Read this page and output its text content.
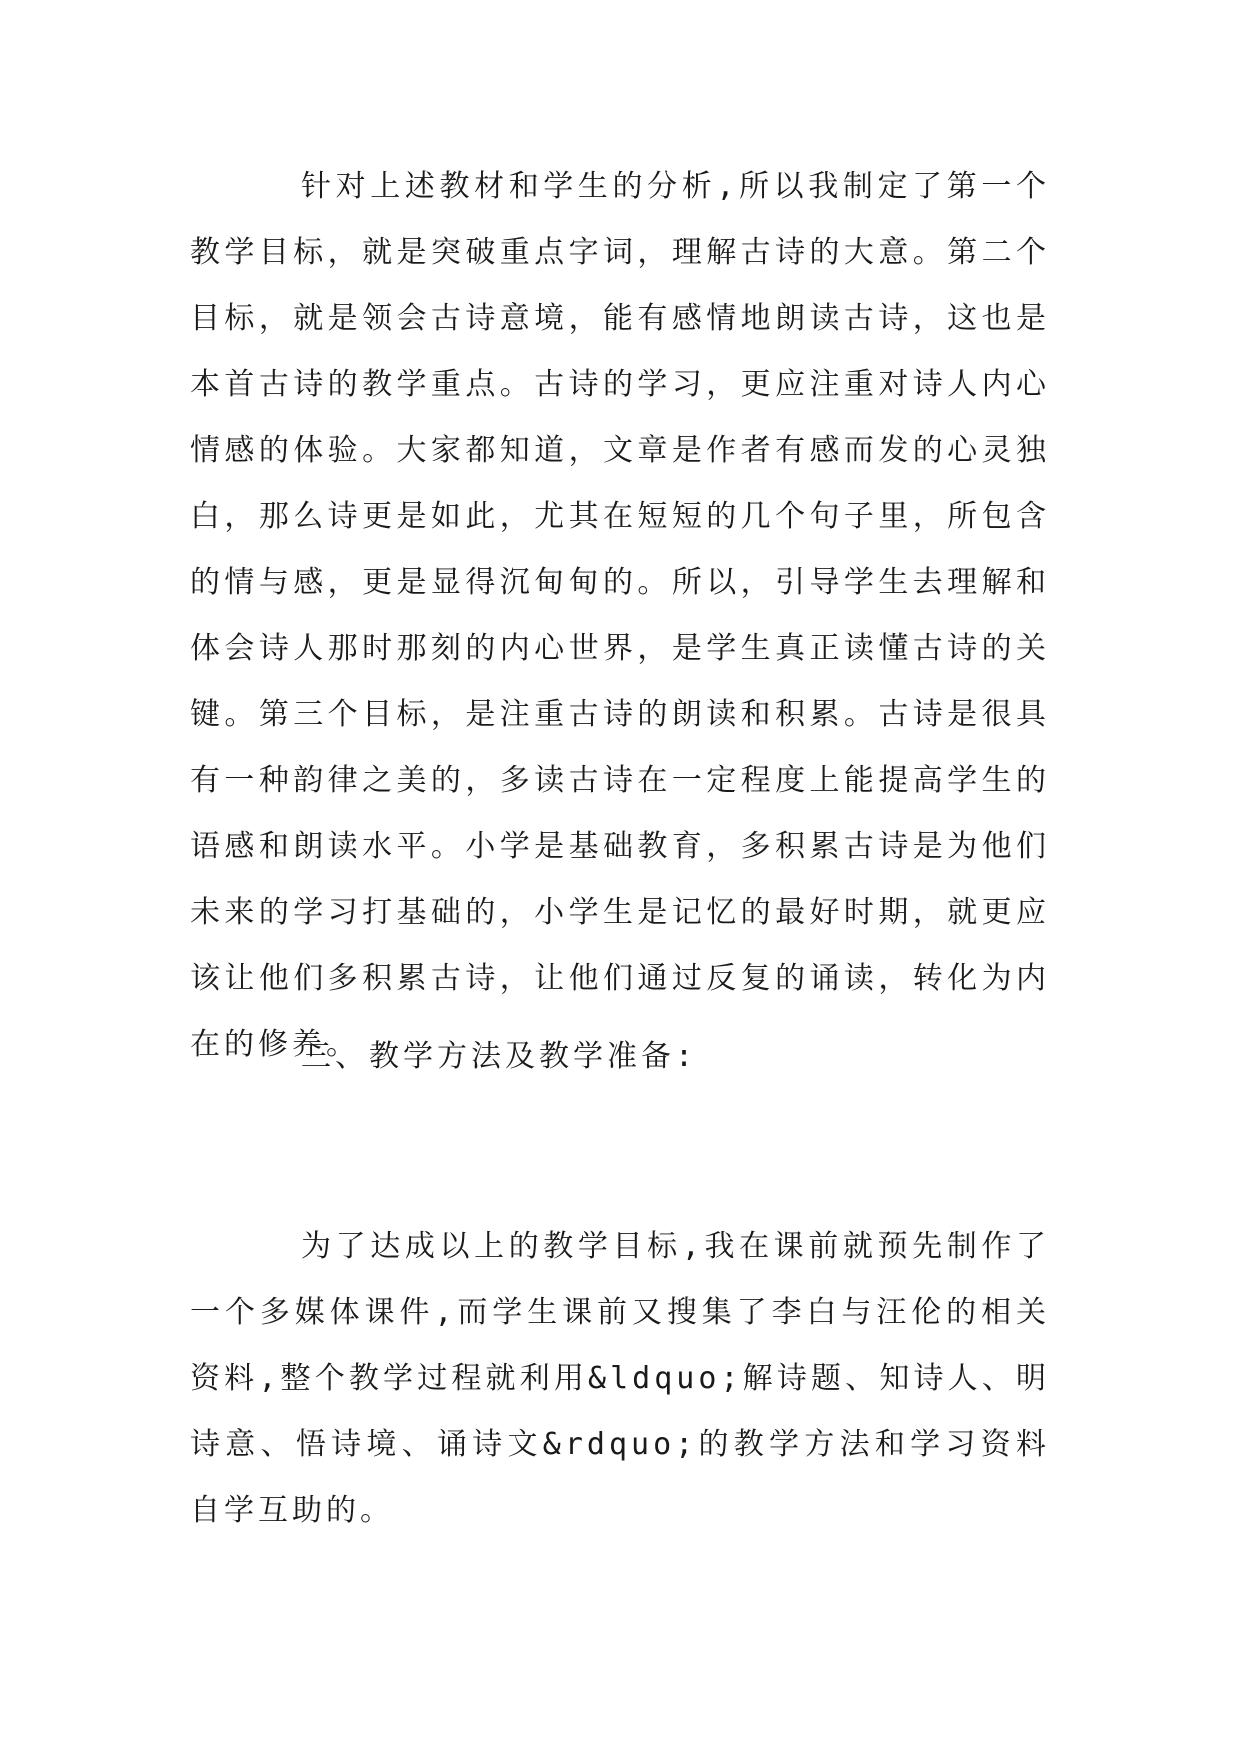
针对上述教材和学生的分析,所以我制定了第一个教学目标，就是突破重点字词，理解古诗的大意。第二个目标，就是领会古诗意境，能有感情地朗读古诗，这也是本首古诗的教学重点。古诗的学习，更应注重对诗人内心情感的体验。大家都知道，文章是作者有感而发的心灵独白，那么诗更是如此，尤其在短短的几个句子里，所包含的情与感，更是显得沉甸甸的。所以，引导学生去理解和体会诗人那时那刻的内心世界，是学生真正读懂古诗的关键。第三个目标，是注重古诗的朗读和积累。古诗是很具有一种韵律之美的，多读古诗在一定程度上能提高学生的语感和朗读水平。小学是基础教育，多积累古诗是为他们未来的学习打基础的，小学生是记忆的最好时期，就更应该让他们多积累古诗，让他们通过反复的诵读，转化为内在的修养。

三、教学方法及教学准备:

为了达成以上的教学目标,我在课前就预先制作了一个多媒体课件,而学生课前又搜集了李白与汪伦的相关资料,整个教学过程就利用&ldquo;解诗题、知诗人、明诗意、悟诗境、诵诗文&rdquo;的教学方法和学习资料自学互助的。
